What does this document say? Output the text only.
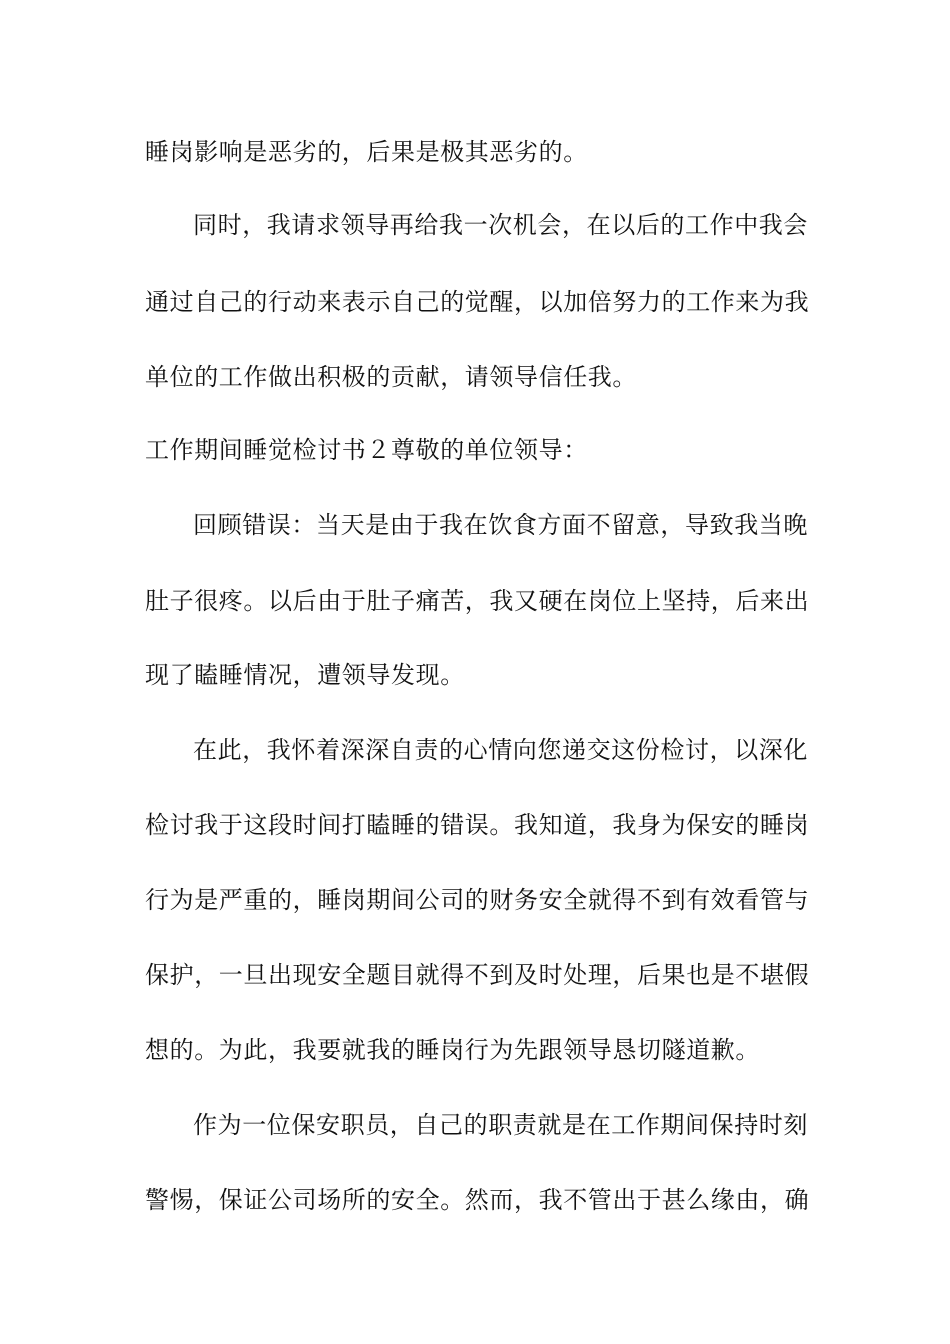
睡岗影响是恶劣的，后果是极其恶劣的。
同时，我请求领导再给我一次机会，在以后的工作中我会
通过自己的行动来表示自己的觉醒，以加倍努力的工作来为我
单位的工作做出积极的贡献，请领导信任我。
工作期间睡觉检讨书２尊敬的单位领导：
回顾错误：当天是由于我在饮食方面不留意，导致我当晚
肚子很疼。以后由于肚子痛苦，我又硬在岗位上坚持，后来出
现了瞌睡情况，遭领导发现。
在此，我怀着深深自责的心情向您递交这份检讨，以深化
检讨我于这段时间打瞌睡的错误。我知道，我身为保安的睡岗
行为是严重的，睡岗期间公司的财务安全就得不到有效看管与
保护，一旦出现安全题目就得不到及时处理，后果也是不堪假
想的。为此，我要就我的睡岗行为先跟领导恳切隧道歉。
作为一位保安职员，自己的职责就是在工作期间保持时刻
警惕，保证公司场所的安全。然而，我不管出于甚么缘由，确
